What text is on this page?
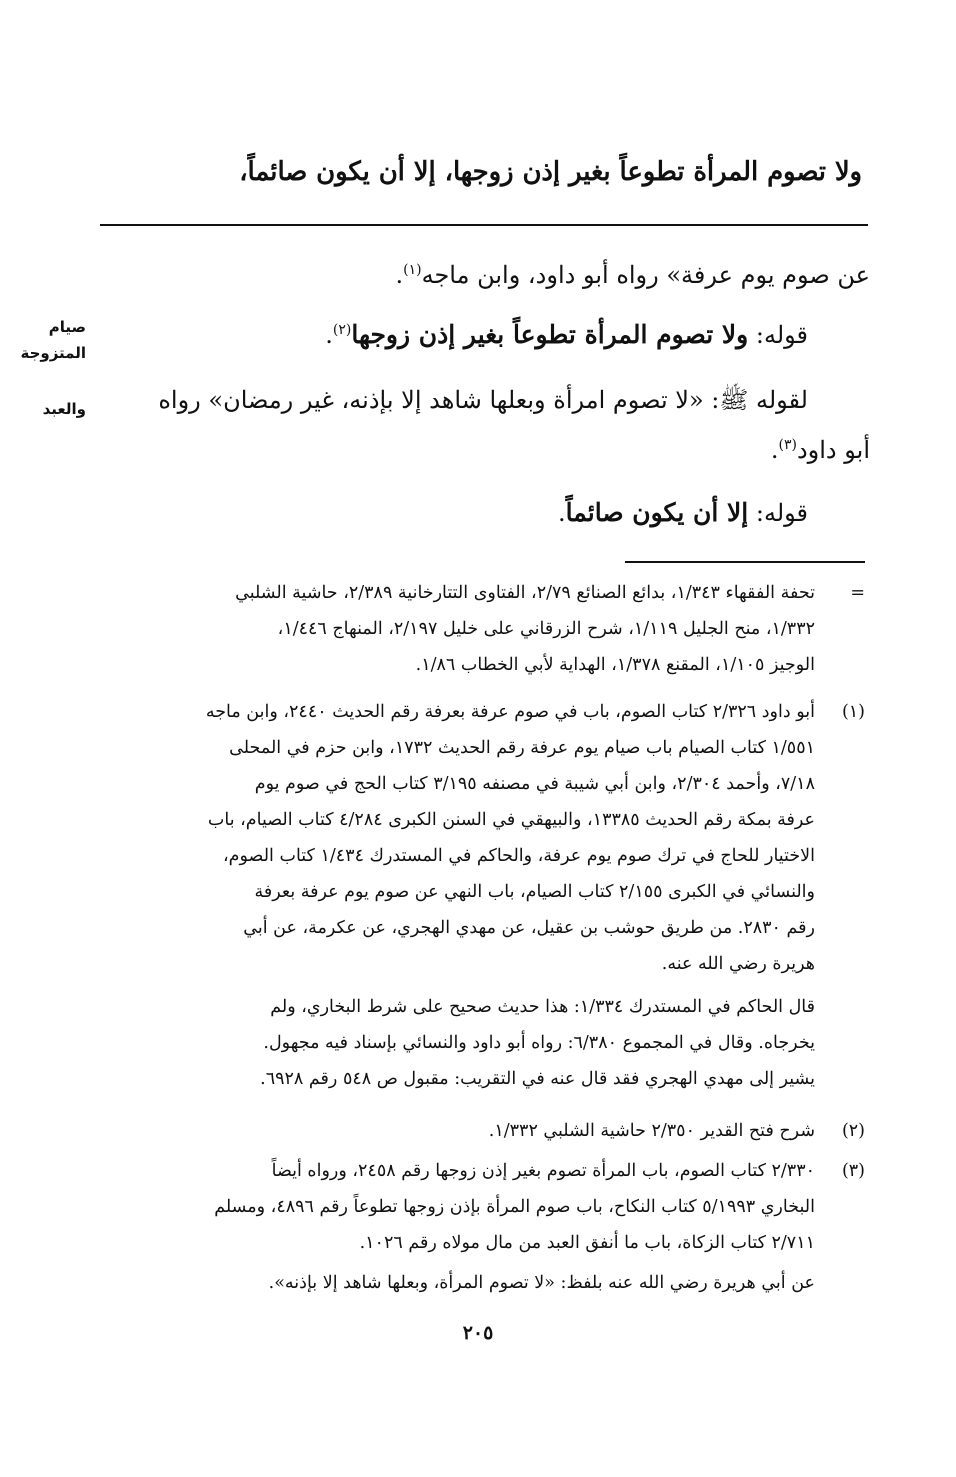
ولا تصوم المرأة تطوعاً بغير إذن زوجها، إلا أن يكون صائماً،
صيام
المتزوجة
والعبد
عن صوم يوم عرفة» رواه أبو داود، وابن ماجه$^{(١)}$.
قوله: ولا تصوم المرأة تطوعاً بغير إذن زوجها$^{(٢)}$.
لقوله ﷺ: «لا تصوم امرأة وبعلها شاهد إلا بإذنه، غير رمضان» رواه
أبو داود$^{(٣)}$.
قوله: إلا أن يكون صائماً.
=
تحفة الفقهاء ١/٣٤٣، بدائع الصنائع ٢/٧٩، الفتاوى التتارخانية ٢/٣٨٩، حاشية الشلبي
١/٣٣٢، منح الجليل ١/١١٩، شرح الزرقاني على خليل ٢/١٩٧، المنهاج ١/٤٤٦،
الوجيز ١/١٠٥، المقنع ١/٣٧٨، الهداية لأبي الخطاب ١/٨٦.
(١)
أبو داود ٢/٣٢٦ كتاب الصوم، باب في صوم عرفة بعرفة رقم الحديث ٢٤٤٠، وابن ماجه
١/٥٥١ كتاب الصيام باب صيام يوم عرفة رقم الحديث ١٧٣٢، وابن حزم في المحلى
٧/١٨، وأحمد ٢/٣٠٤، وابن أبي شيبة في مصنفه ٣/١٩٥ كتاب الحج في صوم يوم
عرفة بمكة رقم الحديث ١٣٣٨٥، والبيهقي في السنن الكبرى ٤/٢٨٤ كتاب الصيام، باب
الاختيار للحاج في ترك صوم يوم عرفة، والحاكم في المستدرك ١/٤٣٤ كتاب الصوم،
والنسائي في الكبرى ٢/١٥٥ كتاب الصيام، باب النهي عن صوم يوم عرفة بعرفة
رقم ٢٨٣٠. من طريق حوشب بن عقيل، عن مهدي الهجري، عن عكرمة، عن أبي
هريرة رضي الله عنه.
قال الحاكم في المستدرك ١/٣٣٤: هذا حديث صحيح على شرط البخاري، ولم
يخرجاه. وقال في المجموع ٦/٣٨٠: رواه أبو داود والنسائي بإسناد فيه مجهول.
يشير إلى مهدي الهجري فقد قال عنه في التقريب: مقبول ص ٥٤٨ رقم ٦٩٢٨.
(٢)
شرح فتح القدير ٢/٣٥٠ حاشية الشلبي ١/٣٣٢.
(٣)
٢/٣٣٠ كتاب الصوم، باب المرأة تصوم بغير إذن زوجها رقم ٢٤٥٨، ورواه أيضاً
البخاري ٥/١٩٩٣ كتاب النكاح، باب صوم المرأة بإذن زوجها تطوعاً رقم ٤٨٩٦، ومسلم
٢/٧١١ كتاب الزكاة، باب ما أنفق العبد من مال مولاه رقم ١٠٢٦.
عن أبي هريرة رضي الله عنه بلفظ: «لا تصوم المرأة، وبعلها شاهد إلا بإذنه».
٢٠٥
